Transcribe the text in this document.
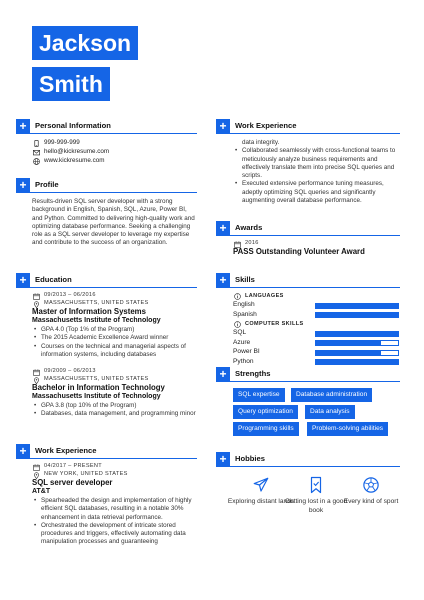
Jackson
Smith
+	Personal Information
999-999-999
hello@kickresume.com
www.kickresume.com
+	Profile
Results-driven SQL server developer with a strong background in English, Spanish, SQL, Azure, Power BI, and Python. Committed to delivering high-quality work and optimizing database performance. Seeking a challenging role as a SQL server developer to leverage my expertise and contribute to the success of an organization.
+	Education
09/2013 – 06/2016
MASSACHUSETTS, UNITED STATES
Master of Information Systems
Massachusetts Institute of Technology
• GPA 4.0 (Top 1% of the Program)
• The 2015 Academic Excellence Award winner
• Courses on the technical and managerial aspects of information systems, including databases
09/2009 – 06/2013
MASSACHUSETTS, UNITED STATES
Bachelor in Information Technology
Massachusetts Institute of Technology
• GPA 3.8 (top 10% of the Program)
• Databases, data management, and programming minor
+	Work Experience
04/2017 – PRESENT
NEW YORK, UNITED STATES
SQL server developer
AT&T
• Spearheaded the design and implementation of highly efficient SQL databases, resulting in a notable 30% enhancement in data retrieval performance.
• Orchestrated the development of intricate stored procedures and triggers, effectively automating data manipulation processes and guaranteeing
+	Work Experience
data integrity.
• Collaborated seamlessly with cross-functional teams to meticulously analyze business requirements and effectively translate them into precise SQL queries and scripts.
• Executed extensive performance tuning measures, adeptly optimizing SQL queries and significantly augmenting overall database performance.
+	Awards
2016
PASS Outstanding Volunteer Award
+	Skills
LANGUAGES
English
Spanish
COMPUTER SKILLS
SQL
Azure
Power BI
Python
+	Strengths
SQL expertise	Database administration
Query optimization	Data analysis
Programming skills	Problem-solving abilities
+	Hobbies
Exploring distant lands
Getting lost in a good book
Every kind of sport
